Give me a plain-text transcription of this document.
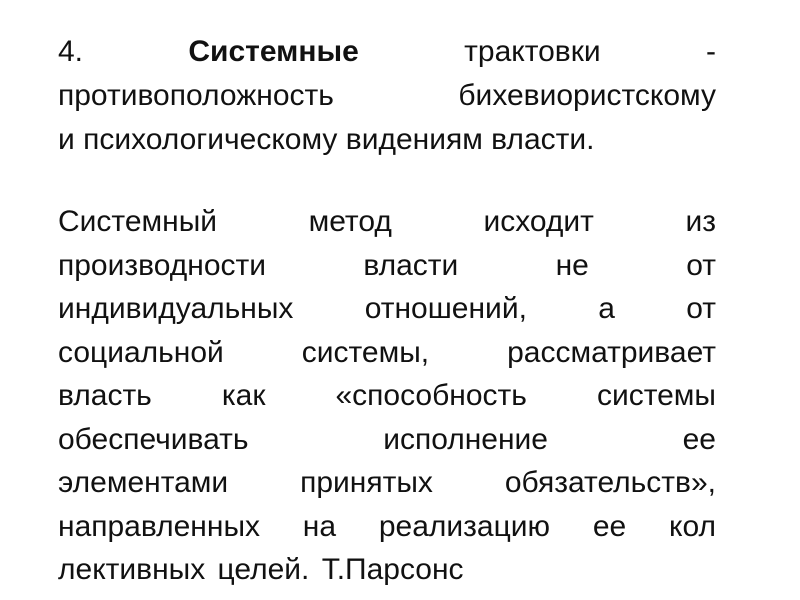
4.	Системные	трактовки	-
противоположность	бихевиористскому
и психологическому видениям власти.
Системный	метод	исходит	из
производности	власти	не	от
индивидуальных отношений, а от
социальной	системы,	рассматривает
власть как «способность системы
обеспечивать	исполнение	ее
элементами принятых обязательств»,
направленных на реализацию ее кол
лективных целей. Т.Парсонс
